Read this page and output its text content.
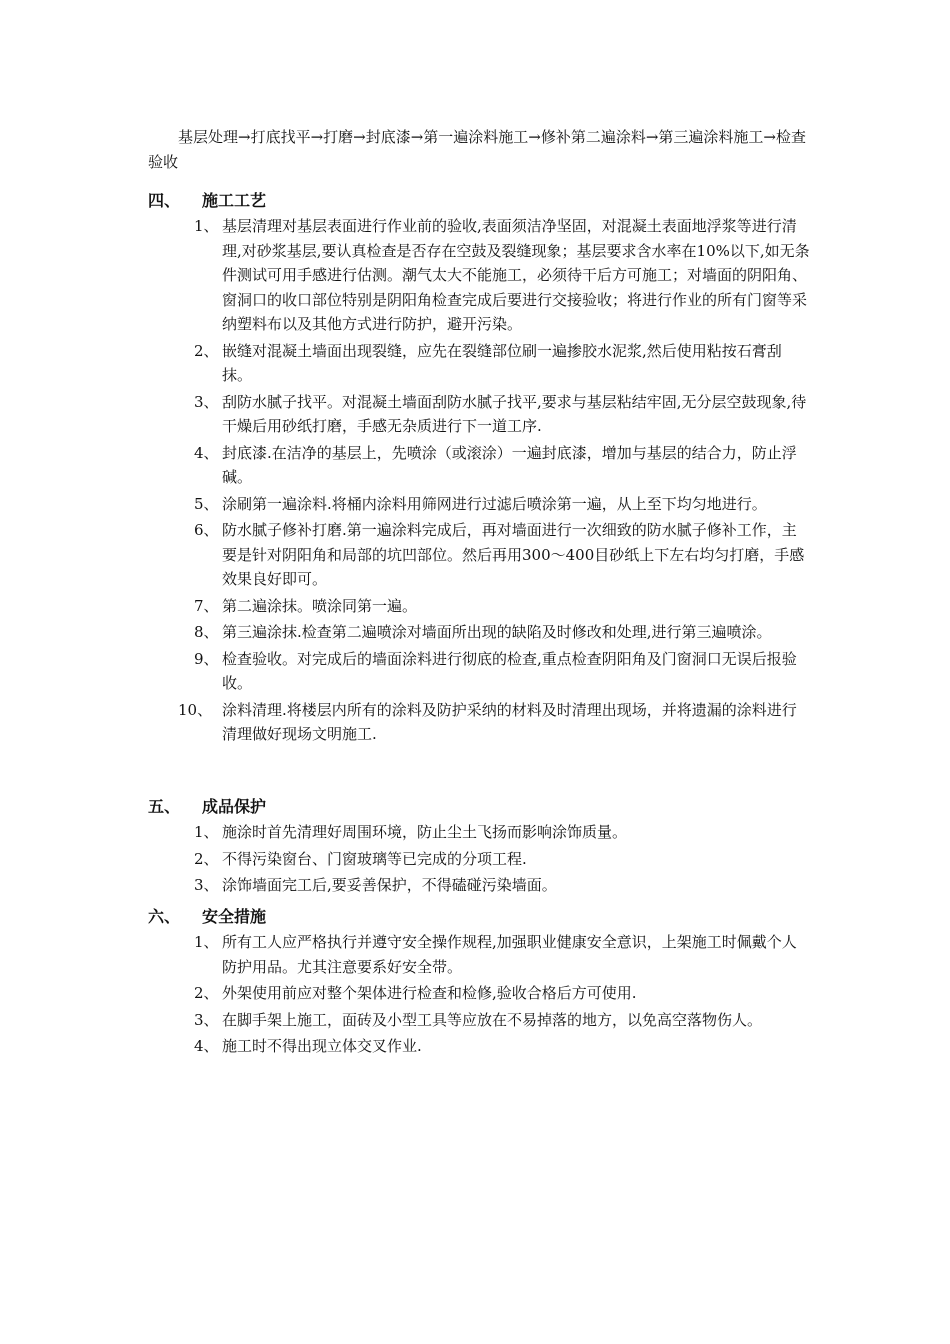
基层处理→打底找平→打磨→封底漆→第一遍涂料施工→修补第二遍涂料→第三遍涂料施工→检查验收

四、 施工工艺
1、 基层清理对基层表面进行作业前的验收,表面须洁净坚固，对混凝土表面地浮浆等进行清理,对砂浆基层,要认真检查是否存在空鼓及裂缝现象；基层要求含水率在10%以下,如无条件测试可用手感进行估测。潮气太大不能施工，必须待干后方可施工；对墙面的阴阳角、窗洞口的收口部位特别是阴阳角检查完成后要进行交接验收；将进行作业的所有门窗等采纳塑料布以及其他方式进行防护，避开污染。
2、 嵌缝对混凝土墙面出现裂缝，应先在裂缝部位刷一遍掺胶水泥浆,然后使用粘按石膏刮抹。
3、 刮防水腻子找平。对混凝土墙面刮防水腻子找平,要求与基层粘结牢固,无分层空鼓现象,待干燥后用砂纸打磨，手感无杂质进行下一道工序.
4、 封底漆.在洁净的基层上，先喷涂（或滚涂）一遍封底漆，增加与基层的结合力，防止浮碱。
5、 涂刷第一遍涂料.将桶内涂料用筛网进行过滤后喷涂第一遍，从上至下均匀地进行。
6、 防水腻子修补打磨.第一遍涂料完成后，再对墙面进行一次细致的防水腻子修补工作，主要是针对阴阳角和局部的坑凹部位。然后再用300～400目砂纸上下左右均匀打磨，手感效果良好即可。
7、 第二遍涂抹。喷涂同第一遍。
8、 第三遍涂抹.检查第二遍喷涂对墙面所出现的缺陷及时修改和处理,进行第三遍喷涂。
9、 检查验收。对完成后的墙面涂料进行彻底的检查,重点检查阴阳角及门窗洞口无误后报验收。
10、 涂料清理.将楼层内所有的涂料及防护采纳的材料及时清理出现场，并将遗漏的涂料进行清理做好现场文明施工.
五、 成品保护
1、 施涂时首先清理好周围环境，防止尘土飞扬而影响涂饰质量。
2、 不得污染窗台、门窗玻璃等已完成的分项工程.
3、 涂饰墙面完工后,要妥善保护，不得磕碰污染墙面。
六、 安全措施
1、 所有工人应严格执行并遵守安全操作规程,加强职业健康安全意识，上架施工时佩戴个人防护用品。尤其注意要系好安全带。
2、 外架使用前应对整个架体进行检查和检修,验收合格后方可使用.
3、 在脚手架上施工，面砖及小型工具等应放在不易掉落的地方，以免高空落物伤人。
4、 施工时不得出现立体交叉作业.
